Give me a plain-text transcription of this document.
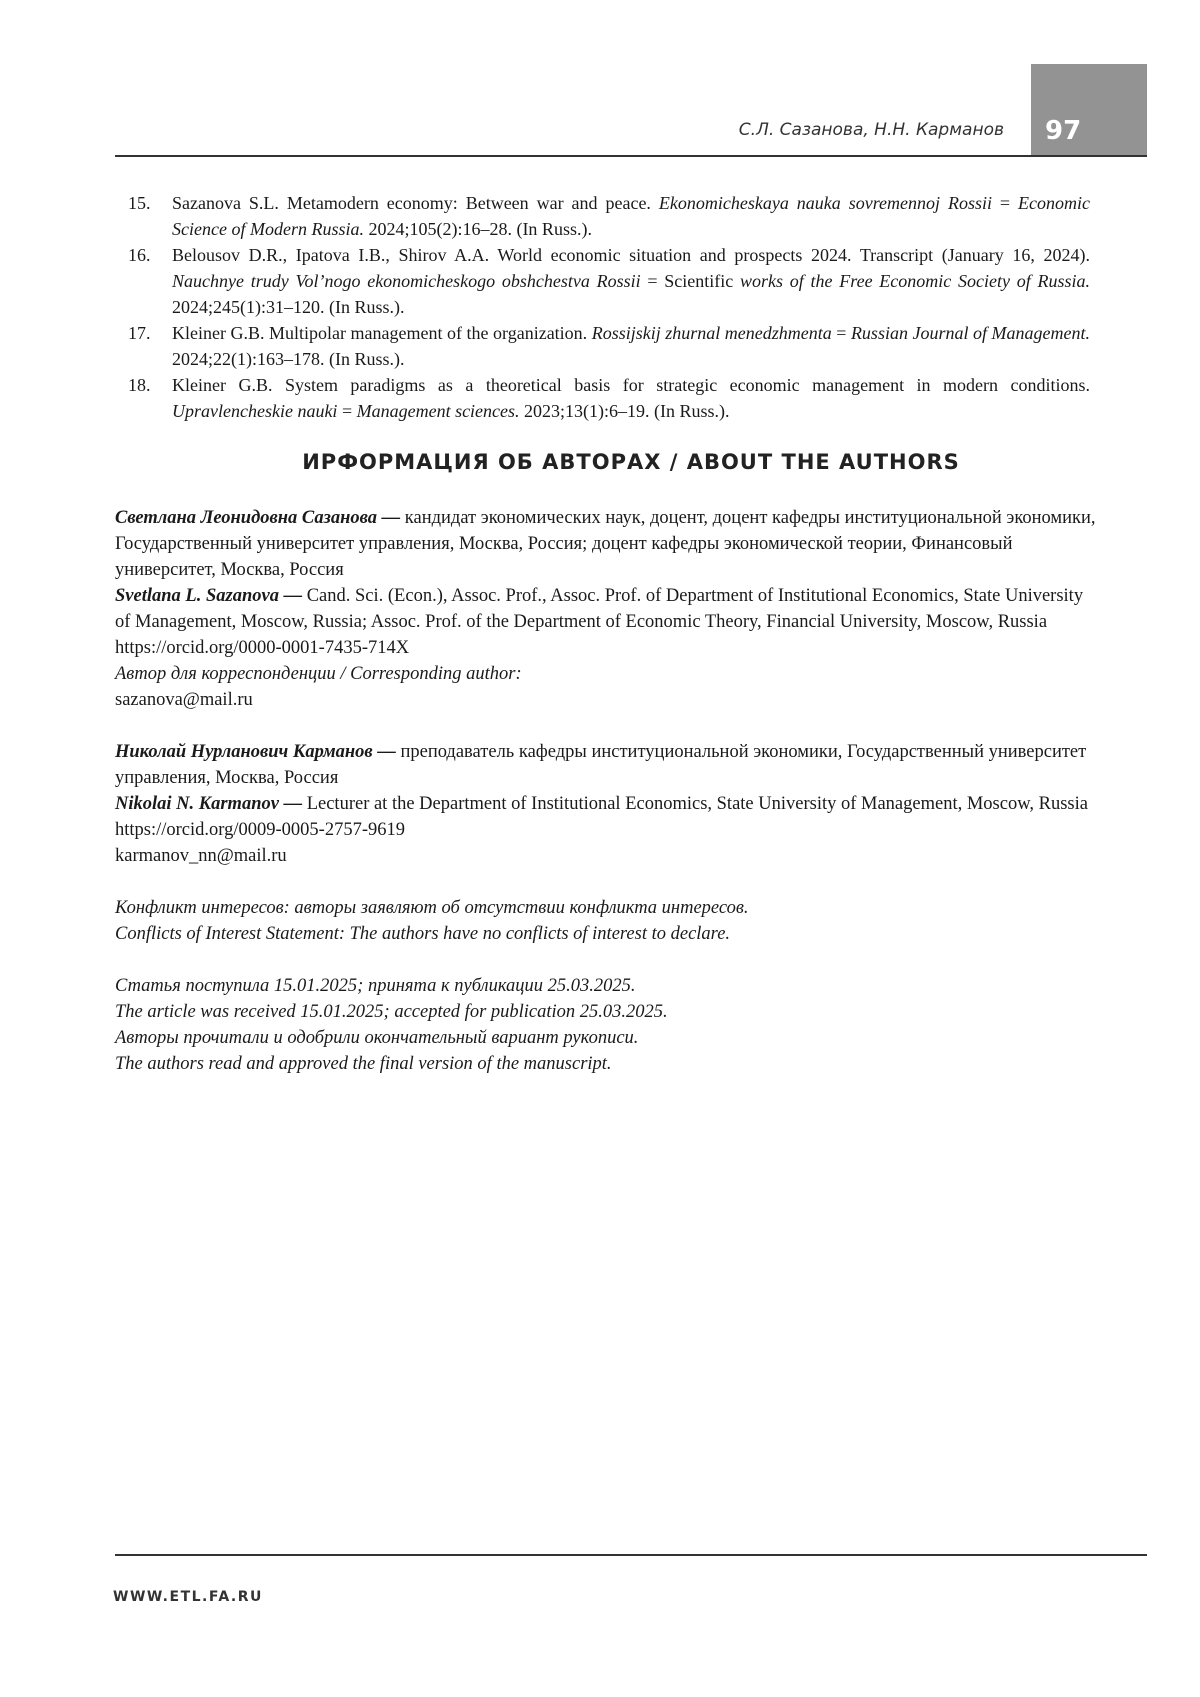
С.Л. Сазанова, Н.Н. Карманов 97
15.	Sazanova S.L. Metamodern economy: Between war and peace. Ekonomicheskaya nauka sovremennoj Rossii = Economic Science of Modern Russia. 2024;105(2):16–28. (In Russ.).
16.	Belousov D.R., Ipatova I.B., Shirov A.A. World economic situation and prospects 2024. Transcript (January 16, 2024). Nauchnye trudy Vol’nogo ekonomicheskogo obshchestva Rossii = Scientific works of the Free Economic Society of Russia. 2024;245(1):31–120. (In Russ.).
17.	Kleiner G.B. Multipolar management of the organization. Rossijskij zhurnal menedzhmenta = Russian Journal of Management. 2024;22(1):163–178. (In Russ.).
18.	Kleiner G.B. System paradigms as a theoretical basis for strategic economic management in modern conditions. Upravlencheskie nauki = Management sciences. 2023;13(1):6–19. (In Russ.).
ИРФОРМАЦИЯ ОБ АВТОРАХ / ABOUT THE AUTHORS

Светлана Леонидовна Сазанова — кандидат экономических наук, доцент, доцент кафедры институциональной экономики, Государственный университет управления, Москва, Россия; доцент кафедры экономической теории, Финансовый университет, Москва, Россия

Svetlana L. Sazanova — Cand. Sci. (Econ.), Assoc. Prof., Assoc. Prof. of Department of Institutional Economics, State University of Management, Moscow, Russia; Assoc. Prof. of the Department of Economic Theory, Financial University, Moscow, Russia

https://orcid.org/0000-0001-7435-714X

Автор для корреспонденции / Corresponding author:

sazanova@mail.ru

Николай Нурланович Карманов — преподаватель кафедры институциональной экономики, Государственный университет управления, Москва, Россия

Nikolai N. Karmanov — Lecturer at the Department of Institutional Economics, State University of Management, Moscow, Russia

https://orcid.org/0009-0005-2757-9619

karmanov_nn@mail.ru

Конфликт интересов: авторы заявляют об отсутствии конфликта интересов.

Conflicts of Interest Statement: The authors have no conflicts of interest to declare.

Статья поступила 15.01.2025; принята к публикации 25.03.2025.

The article was received 15.01.2025; accepted for publication 25.03.2025.

Авторы прочитали и одобрили окончательный вариант рукописи.

The authors read and approved the final version of the manuscript.

WWW.ETL.FA.RU
